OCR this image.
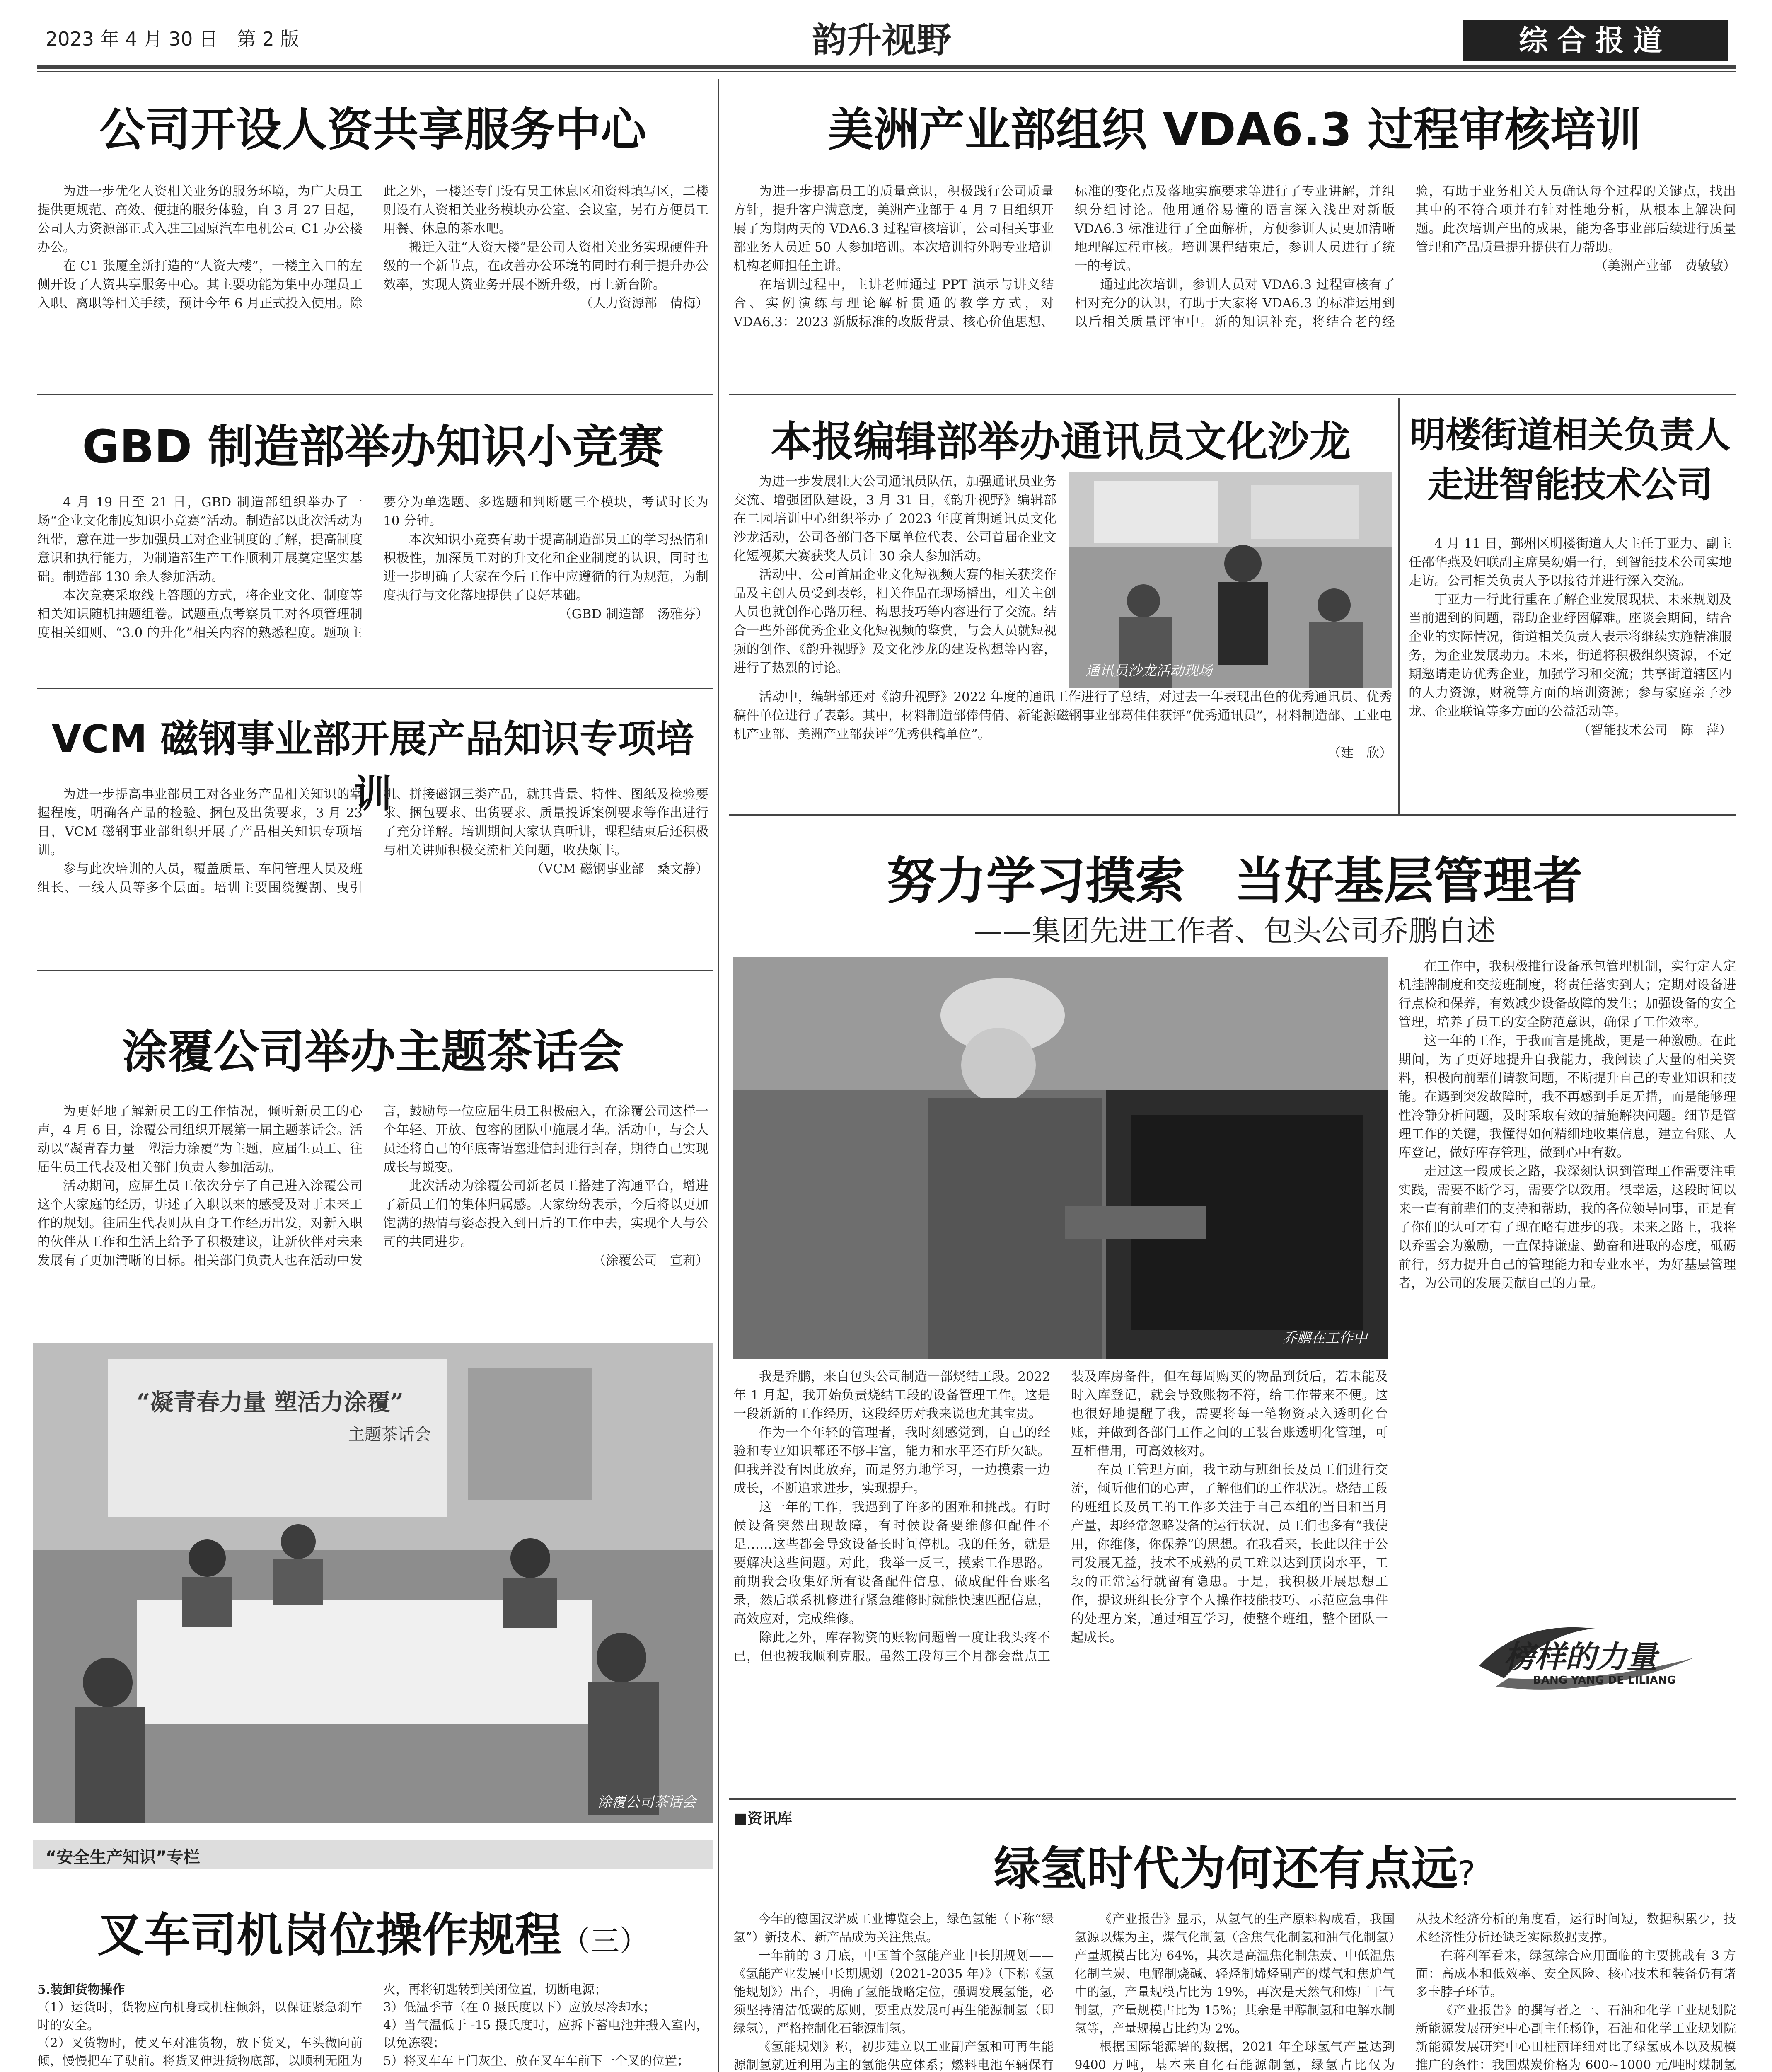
2023 年 4 月 30 日　第 2 版	韵升视野	综合报道
公司开设人资共享服务中心

为进一步优化人资相关业务的服务环境，为广大员工提供更规范、高效、便捷的服务体验，自 3 月 27 日起，公司人力资源部正式入驻三园原汽车电机公司 C1 办公楼办公。

在 C1 张厦全新打造的“人资大楼”，一楼主入口的左侧开设了人资共享服务中心。其主要功能为集中办理员工入职、离职等相关手续，预计今年 6 月正式投入使用。除此之外，一楼还专门设有员工休息区和资料填写区，二楼则设有人资相关业务模块办公室、会议室，另有方便员工用餐、休息的茶水吧。

搬迁入驻“人资大楼”是公司人资相关业务实现硬件升级的一个新节点，在改善办公环境的同时有利于提升办公效率，实现人资业务开展不断升级，再上新台阶。

（人力资源部　倩梅）
美洲产业部组织 VDA6.3 过程审核培训

为进一步提高员工的质量意识，积极践行公司质量方针，提升客户满意度，美洲产业部于 4 月 7 日组织开展了为期两天的 VDA6.3 过程审核培训，公司相关事业部业务人员近 50 人参加培训。本次培训特外聘专业培训机构老师担任主讲。

在培训过程中，主讲老师通过 PPT 演示与讲义结合、实例演练与理论解析贯通的教学方式，对 VDA6.3：2023 新版标准的改版背景、核心价值思想、标准的变化点及落地实施要求等进行了专业讲解，并组织分组讨论。他用通俗易懂的语言深入浅出对新版 VDA6.3 标准进行了全面解析，方便参训人员更加清晰地理解过程审核。培训课程结束后，参训人员进行了统一的考试。

通过此次培训，参训人员对 VDA6.3 过程审核有了相对充分的认识，有助于大家将 VDA6.3 的标准运用到以后相关质量评审中。新的知识补充，将结合老的经验，有助于业务相关人员确认每个过程的关键点，找出其中的不符合项并有针对性地分析，从根本上解决问题。此次培训产出的成果，能为各事业部后续进行质量管理和产品质量提升提供有力帮助。

（美洲产业部　费敏敏）
GBD 制造部举办知识小竞赛

4 月 19 日至 21 日，GBD 制造部组织举办了一场“企业文化制度知识小竞赛”活动。制造部以此次活动为纽带，意在进一步加强员工对企业制度的了解，提高制度意识和执行能力，为制造部生产工作顺利开展奠定坚实基础。制造部 130 余人参加活动。

本次竞赛采取线上答题的方式，将企业文化、制度等相关知识随机抽题组卷。试题重点考察员工对各项管理制度相关细则、“3.0 的升化”相关内容的熟悉程度。题项主要分为单选题、多选题和判断题三个模块，考试时长为 10 分钟。

本次知识小竞赛有助于提高制造部员工的学习热情和积极性，加深员工对的升文化和企业制度的认识，同时也进一步明确了大家在今后工作中应遵循的行为规范，为制度执行与文化落地提供了良好基础。

（GBD 制造部　汤雅芬）
本报编辑部举办通讯员文化沙龙

为进一步发展壮大公司通讯员队伍，加强通讯员业务交流、增强团队建设，3 月 31 日，《韵升视野》编辑部在二园培训中心组织举办了 2023 年度首期通讯员文化沙龙活动，公司各部门各下属单位代表、公司首届企业文化短视频大赛获奖人员计 30 余人参加活动。

活动中，公司首届企业文化短视频大赛的相关获奖作品及主创人员受到表彰，相关作品在现场播出，相关主创人员也就创作心路历程、构思技巧等内容进行了交流。结合一些外部优秀企业文化短视频的鉴赏，与会人员就短视频的创作、《韵升视野》及文化沙龙的建设构想等内容，进行了热烈的讨论。	通讯员沙龙活动现场

活动中，编辑部还对《韵升视野》2022 年度的通讯工作进行了总结，对过去一年表现出色的优秀通讯员、优秀稿件单位进行了表彰。其中，材料制造部俸倩倩、新能源磁钢事业部葛佳佳获评“优秀通讯员”，材料制造部、工业电机产业部、美洲产业部获评“优秀供稿单位”。

（建　欣）
明楼街道相关负责人
走进智能技术公司

4 月 11 日，鄞州区明楼街道人大主任丁亚力、副主任邵华燕及妇联副主席吴幼娟一行，到智能技术公司实地走访。公司相关负责人予以接待并进行深入交流。

丁亚力一行此行重在了解企业发展现状、未来规划及当前遇到的问题，帮助企业纾困解难。座谈会期间，结合企业的实际情况，街道相关负责人表示将继续实施精准服务，为企业发展助力。未来，街道将积极组织资源，不定期邀请走访优秀企业，加强学习和交流；共享街道辖区内的人力资源，财税等方面的培训资源；参与家庭亲子沙龙、企业联谊等多方面的公益活动等。

（智能技术公司　陈　萍）
VCM 磁钢事业部开展产品知识专项培训

为进一步提高事业部员工对各业务产品相关知识的掌握程度，明确各产品的检验、捆包及出货要求，3 月 23 日，VCM 磁钢事业部组织开展了产品相关知识专项培训。

参与此次培训的人员，覆盖质量、车间管理人员及班组长、一线人员等多个层面。培训主要围绕變割、曳引机、拼接磁钢三类产品，就其背景、特性、图纸及检验要求、捆包要求、出货要求、质量投诉案例要求等作出进行了充分详解。培训期间大家认真听讲，课程结束后还积极与相关讲师积极交流相关问题，收获颇丰。

（VCM 磁钢事业部　桑文静）
涂覆公司举办主题茶话会

为更好地了解新员工的工作情况，倾听新员工的心声，4 月 6 日，涂覆公司组织开展第一届主题茶话会。活动以“凝青春力量　塑活力涂覆”为主题，应届生员工、往届生员工代表及相关部门负责人参加活动。

活动期间，应届生员工依次分享了自己进入涂覆公司这个大家庭的经历，讲述了入职以来的感受及对于未来工作的规划。往届生代表则从自身工作经历出发，对新入职的伙伴从工作和生活上给予了积极建议，让新伙伴对未来发展有了更加清晰的目标。相关部门负责人也在活动中发言，鼓励每一位应届生员工积极融入，在涂覆公司这样一个年轻、开放、包容的团队中施展才华。活动中，与会人员还将自己的年底寄语塞进信封进行封存，期待自己实现成长与蜕变。

此次活动为涂覆公司新老员工搭建了沟通平台，增进了新员工们的集体归属感。大家纷纷表示，今后将以更加饱满的热情与姿态投入到日后的工作中去，实现个人与公司的共同进步。

（涂覆公司　宣莉）
“凝青春力量 塑活力涂覆”
主题茶话会
涂覆公司茶话会
努力学习摸索　当好基层管理者
——集团先进工作者、包头公司乔鹏自述
乔鹏在工作中

在工作中，我积极推行设备承包管理机制，实行定人定机挂牌制度和交接班制度，将责任落实到人；定期对设备进行点检和保养，有效减少设备故障的发生；加强设备的安全管理，培养了员工的安全防范意识，确保了工作效率。

这一年的工作，于我而言是挑战，更是一种激励。在此期间，为了更好地提升自我能力，我阅读了大量的相关资料，积极向前辈们请教问题，不断提升自己的专业知识和技能。在遇到突发故障时，我不再感到手足无措，而是能够理性冷静分析问题，及时采取有效的措施解决问题。细节是管理工作的关键，我懂得如何精细地收集信息，建立台账、人库登记，做好库存管理，做到心中有数。

走过这一段成长之路，我深刻认识到管理工作需要注重实践，需要不断学习，需要学以致用。很幸运，这段时间以来一直有前辈们的支持和帮助，我的各位领导同事，正是有了你们的认可才有了现在略有进步的我。未来之路上，我将以乔雪会为激励，一直保持谦虚、勤奋和进取的态度，砥砺前行，努力提升自己的管理能力和专业水平，为好基层管理者，为公司的发展贡献自己的力量。

我是乔鹏，来自包头公司制造一部烧结工段。2022 年 1 月起，我开始负责烧结工段的设备管理工作。这是一段新新的工作经历，这段经历对我来说也尤其宝贵。

作为一个年轻的管理者，我时刻感觉到，自己的经验和专业知识都还不够丰富，能力和水平还有所欠缺。但我并没有因此放弃，而是努力地学习，一边摸索一边成长，不断追求进步，实现提升。

这一年的工作，我遇到了许多的困难和挑战。有时候设备突然出现故障，有时候设备要维修但配件不足……这些都会导致设备长时间停机。我的任务，就是要解决这些问题。对此，我举一反三，摸索工作思路。前期我会收集好所有设备配件信息，做成配件台账名录，然后联系机修进行紧急维修时就能快速匹配信息，高效应对，完成维修。

除此之外，库存物资的账物问题曾一度让我头疼不已，但也被我顺利克服。虽然工段每三个月都会盘点工装及库房备件，但在每周购买的物品到货后，若未能及时入库登记，就会导致账物不符，给工作带来不便。这也很好地提醒了我，需要将每一笔物资录入透明化台账，并做到各部门工作之间的工装台账透明化管理，可互相借用，可高效核对。

在员工管理方面，我主动与班组长及员工们进行交流，倾听他们的心声，了解他们的工作状况。烧结工段的班组长及员工的工作多关注于自己本组的当日和当月产量，却经常忽略设备的运行状况，员工们也多有“我使用，你维修，你保养”的思想。在我看来，长此以往于公司发展无益，技术不成熟的员工难以达到顶岗水平，工段的正常运行就留有隐患。于是，我积极开展思想工作，提议班组长分享个人操作技能技巧、示范应急事件的处理方案，通过相互学习，使整个班组，整个团队一起成长。

榜样的力量
BANG YANG DE LILIANG
■资讯库
绿氢时代为何还有点远?

今年的德国汉诺威工业博览会上，绿色氢能（下称“绿氢”）新技术、新产品成为关注焦点。

一年前的 3 月底，中国首个氢能产业中长期规划——《氢能产业发展中长期规划（2021-2035 年）》（下称《氢能规划》）出台，明确了氢能战略定位，强调发展氢能，必须坚持清洁低碳的原则，要重点发展可再生能源制氢（即绿氢），严格控制化石能源制氢。

《氢能规划》称，初步建立以工业副产氢和可再生能源制氢就近利用为主的氢能供应体系；燃料电池车辆保有

《产业报告》显示，从氢气的生产原料构成看，我国氢源以煤为主，煤气化制氢（含焦气化制氢和油气化制氢）　产量规模占比为 64%，其次是高温焦化制焦炭、中低温焦化制兰炭、电解制烧碱、轻烃制烯烃副产的煤气和焦炉气中的氢，产量规模占比为 19%，再次是天然气和炼厂干气制氢，产量规模占比为 15%；其余是甲醇制氢和电解水制氢等，产量规模占比约为 2%。

根据国际能源署的数据，2021 年全球氢气产量达到 9400 万吨，基本来自化石能源制氢，绿氢占比仅为

从技术经济分析的角度看，运行时间短，数据积累少，技术经济性分析还缺乏实际数据支撑。

在蒋利军看来，绿氢综合应用面临的主要挑战有 3 方面：高成本和低效率、安全风险、核心技术和装备仍有诸多卡脖子环节。

《产业报告》的撰写者之一、石油和化学工业规划院新能源发展研究中心副主任杨铮，石油和化学工业规划院新能源发展研究中心田桂丽详细对比了绿氢成本以及规模推广的条件：我国煤炭价格为 600~1000 元/吨时煤制氢

“安全生产知识”专栏
叉车司机岗位操作规程（三）
5.装卸货物操作
（1）运货时，货物应向机身或机柱倾斜，以保证紧急刹车时的安全。
（2）叉货物时，使叉车对准货物，放下货叉，车头微向前倾，慢慢把车子驶前。将货叉伸进货物底部，以顺利无阻为
火，再将钥匙转到关闭位置，切断电源；
3）低温季节（在 0 摄氏度以下）应放尽冷却水；
4）当气温低于 -15 摄氏度时，应拆下蓄电池并搬入室内，以免冻裂；
5）将叉车车上门灰尘，放在叉车车前下一个叉的位置；
